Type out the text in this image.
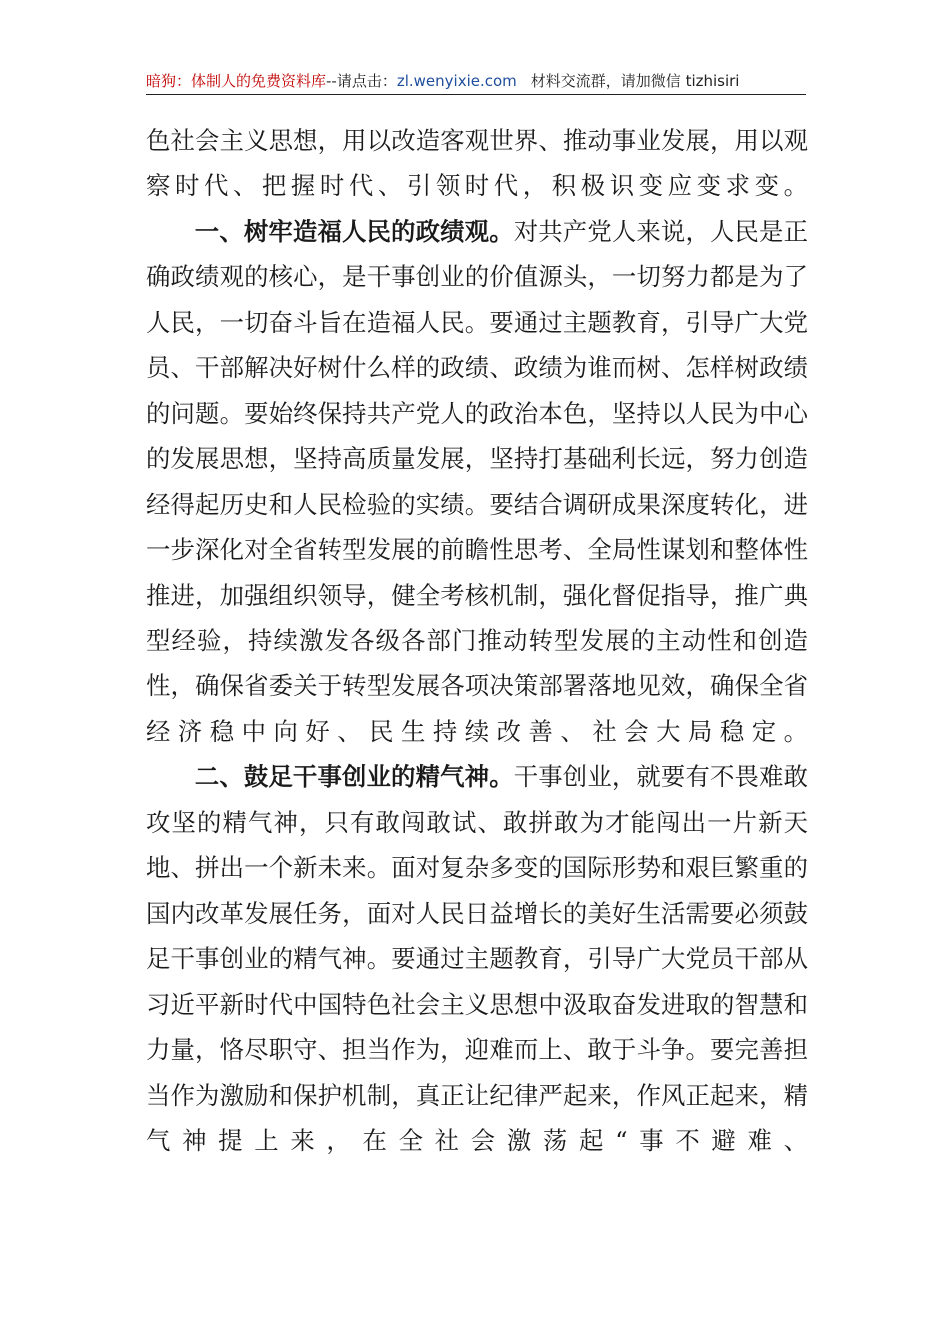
暗狗：体制人的免费资料库--请点击：zl.wenyixie.com 材料交流群，请加微信 tizhisiri

色社会主义思想，用以改造客观世界、推动事业发展，用以观察时代、把握时代、引领时代，积极识变应变求变。

一、树牢造福人民的政绩观。对共产党人来说，人民是正确政绩观的核心，是干事创业的价值源头，一切努力都是为了人民，一切奋斗旨在造福人民。要通过主题教育，引导广大党员、干部解决好树什么样的政绩、政绩为谁而树、怎样树政绩的问题。要始终保持共产党人的政治本色，坚持以人民为中心的发展思想，坚持高质量发展，坚持打基础利长远，努力创造经得起历史和人民检验的实绩。要结合调研成果深度转化，进一步深化对全省转型发展的前瞻性思考、全局性谋划和整体性推进，加强组织领导，健全考核机制，强化督促指导，推广典型经验，持续激发各级各部门推动转型发展的主动性和创造性，确保省委关于转型发展各项决策部署落地见效，确保全省经济稳中向好、民生持续改善、社会大局稳定。

二、鼓足干事创业的精气神。干事创业，就要有不畏难敢攻坚的精气神，只有敢闯敢试、敢拼敢为才能闯出一片新天地、拼出一个新未来。面对复杂多变的国际形势和艰巨繁重的国内改革发展任务，面对人民日益增长的美好生活需要必须鼓足干事创业的精气神。要通过主题教育，引导广大党员干部从习近平新时代中国特色社会主义思想中汲取奋发进取的智慧和力量，恪尽职守、担当作为，迎难而上、敢于斗争。要完善担当作为激励和保护机制，真正让纪律严起来，作风正起来，精气神提上来，在全社会激荡起“事不避难、
